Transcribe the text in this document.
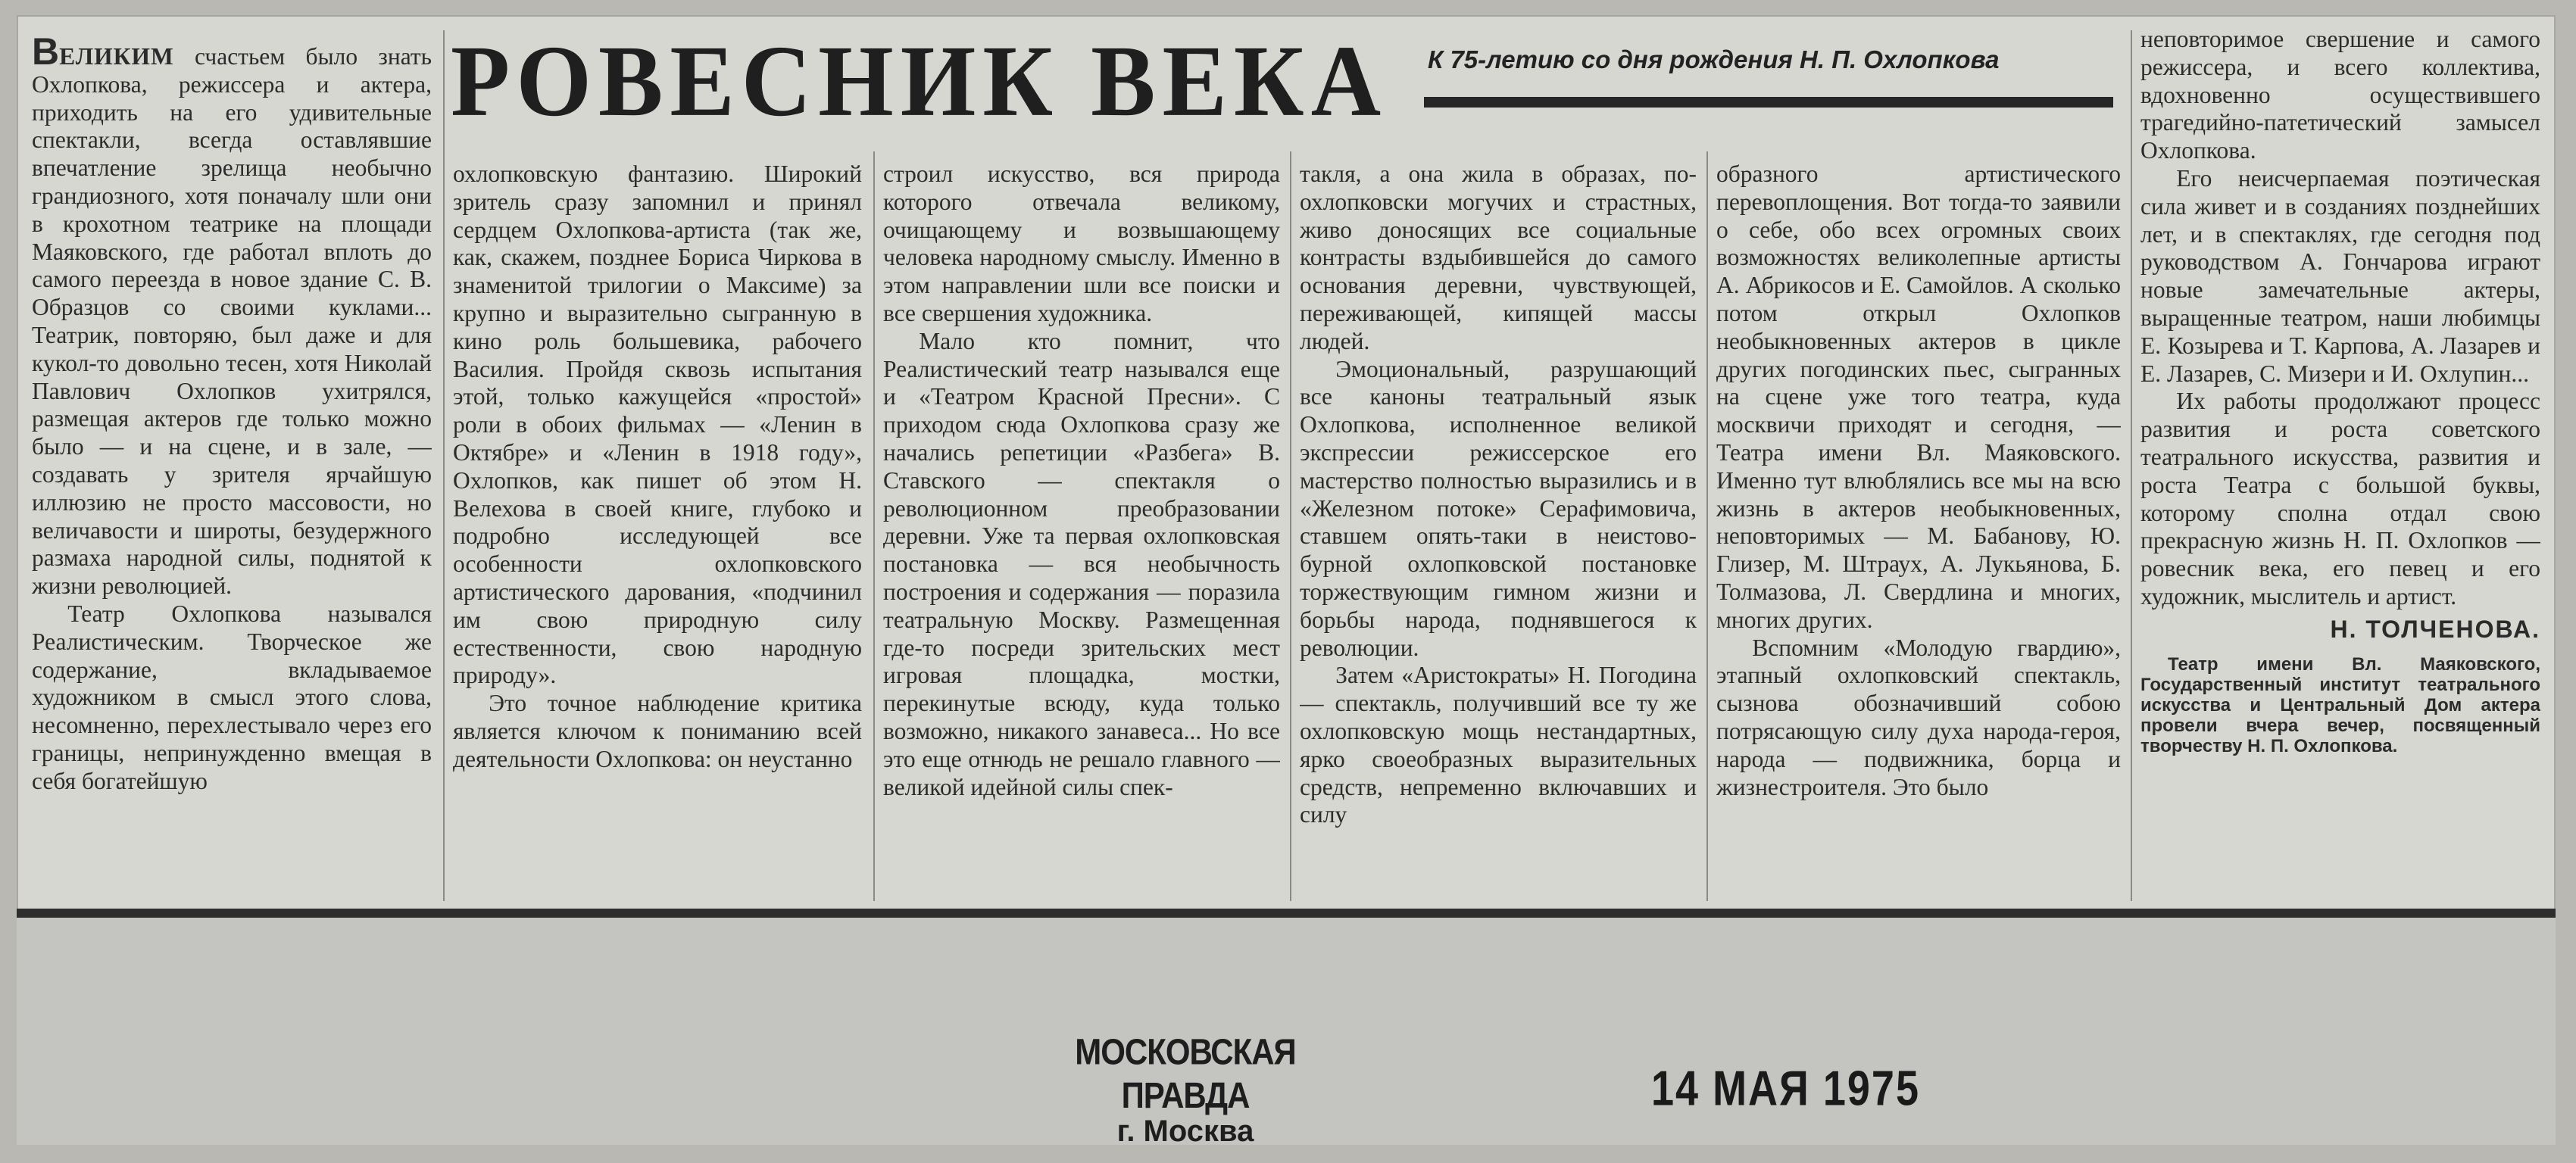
РОВЕСНИК ВЕКА	К 75-летию со дня рождения Н. П. Охлопкова

ВЕЛИКИМ счастьем было знать Охлопкова, режиссера и актера, приходить на его удивительные спектакли, всегда оставлявшие впечатление зрелища необычно грандиозного, хотя поначалу шли они в крохотном театрике на площади Маяковского, где работал вплоть до самого переезда в новое здание С. В. Образцов со своими куклами... Театрик, повторяю, был даже и для кукол-то довольно тесен, хотя Николай Павлович Охлопков ухитрялся, размещая актеров где только можно было — и на сцене, и в зале, — создавать у зрителя ярчайшую иллюзию не просто массовости, но величавости и широты, безудержного размаха народной силы, поднятой к жизни революцией.

Театр Охлопкова назывался Реалистическим. Творческое же содержание, вкладываемое художником в смысл этого слова, несомненно, перехлестывало через его границы, непринужденно вмещая в себя богатейшую

охлопковскую фантазию. Широкий зритель сразу запомнил и принял сердцем Охлопкова-артиста (так же, как, скажем, позднее Бориса Чиркова в знаменитой трилогии о Максиме) за крупно и выразительно сыгранную в кино роль большевика, рабочего Василия. Пройдя сквозь испытания этой, только кажущейся «простой» роли в обоих фильмах — «Ленин в Октябре» и «Ленин в 1918 году», Охлопков, как пишет об этом Н. Велехова в своей книге, глубоко и подробно исследующей все особенности охлопковского артистического дарования, «подчинил им свою природную силу естественности, свою народную природу».

Это точное наблюдение критика является ключом к пониманию всей деятельности Охлопкова: он неустанно

строил искусство, вся природа которого отвечала великому, очищающему и возвышающему человека народному смыслу. Именно в этом направлении шли все поиски и все свершения художника.

Мало кто помнит, что Реалистический театр назывался еще и «Театром Красной Пресни». С приходом сюда Охлопкова сразу же начались репетиции «Разбега» В. Ставского — спектакля о революционном преобразовании деревни. Уже та первая охлопковская постановка — вся необычность построения и содержания — поразила театральную Москву. Размещенная где-то посреди зрительских мест игровая площадка, мостки, перекинутые всюду, куда только возможно, никакого занавеса... Но все это еще отнюдь не решало главного — великой идейной силы спек-

такля, а она жила в образах, по-охлопковски могучих и страстных, живо доносящих все социальные контрасты вздыбившейся до самого основания деревни, чувствующей, переживающей, кипящей массы людей.

Эмоциональный, разрушающий все каноны театральный язык Охлопкова, исполненное великой экспрессии режиссерское его мастерство полностью выразились и в «Железном потоке» Серафимовича, ставшем опять-таки в неистово-бурной охлопковской постановке торжествующим гимном жизни и борьбы народа, поднявшегося к революции.

Затем «Аристократы» Н. Погодина — спектакль, получивший все ту же охлопковскую мощь нестандартных, ярко своеобразных выразительных средств, непременно включавших и силу

образного артистического перевоплощения. Вот тогда-то заявили о себе, обо всех огромных своих возможностях великолепные артисты А. Абрикосов и Е. Самойлов. А сколько потом открыл Охлопков необыкновенных актеров в цикле других погодинских пьес, сыгранных на сцене уже того театра, куда москвичи приходят и сегодня, — Театра имени Вл. Маяковского. Именно тут влюблялись все мы на всю жизнь в актеров необыкновенных, неповторимых — М. Бабанову, Ю. Глизер, М. Штраух, А. Лукьянова, Б. Толмазова, Л. Свердлина и многих, многих других.

Вспомним «Молодую гвардию», этапный охлопковский спектакль, сызнова обозначивший собою потрясающую силу духа народа-героя, народа — подвижника, борца и жизнестроителя. Это было

неповторимое свершение и самого режиссера, и всего коллектива, вдохновенно осуществившего трагедийно-патетический замысел Охлопкова.

Его неисчерпаемая поэтическая сила живет и в созданиях позднейших лет, и в спектаклях, где сегодня под руководством А. Гончарова играют новые замечательные актеры, выращенные театром, наши любимцы Е. Козырева и Т. Карпова, А. Лазарев и Е. Лазарев, С. Мизери и И. Охлупин...

Их работы продолжают процесс развития и роста советского театрального искусства, развития и роста Театра с большой буквы, которому сполна отдал свою прекрасную жизнь Н. П. Охлопков — ровесник века, его певец и его художник, мыслитель и артист.

Н. ТОЛЧЕНОВА.
Театр имени Вл. Маяковского, Государственный институт театрального искусства и Центральный Дом актера провели вчера вечер, посвященный творчеству Н. П. Охлопкова.
МОСКОВСКАЯ ПРАВДА
г. Москва
14 МАЯ 1975
